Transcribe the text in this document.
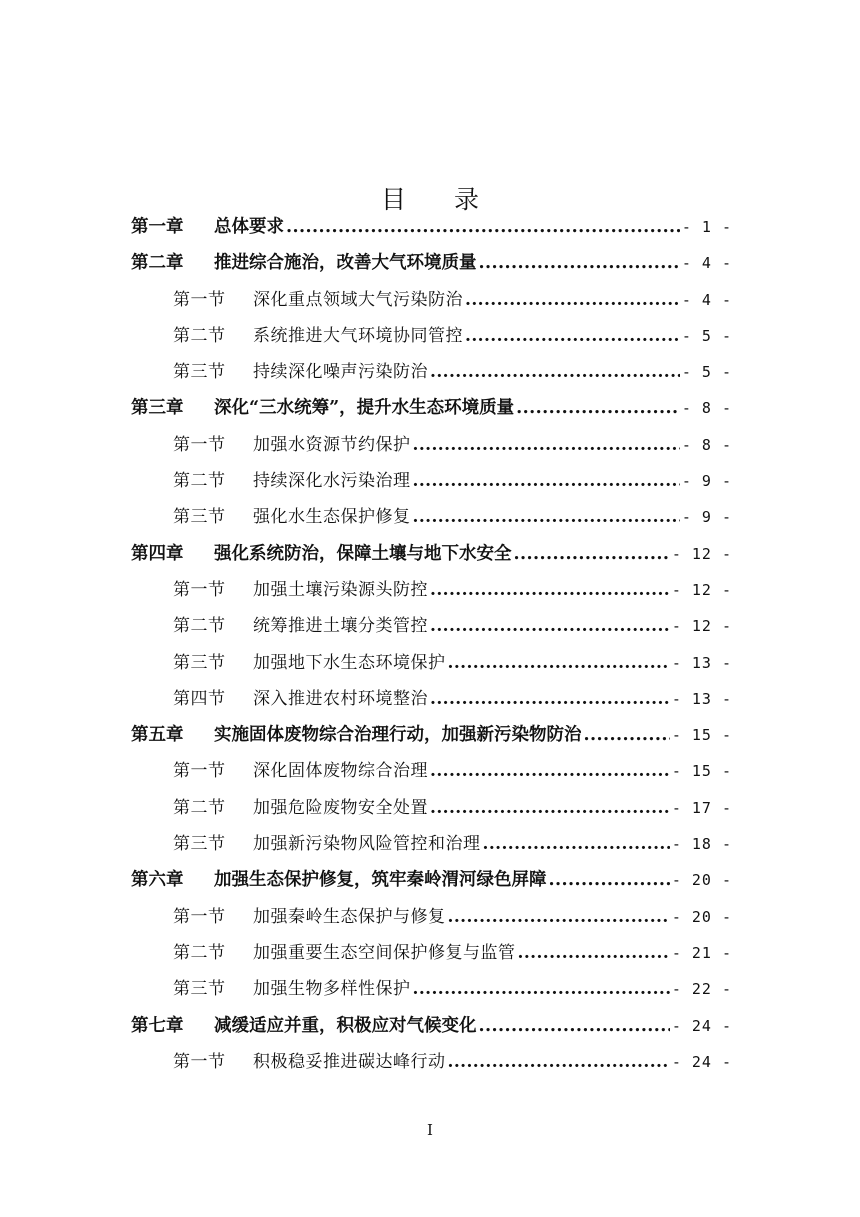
目 录
第一章	总体要求 .....	- 1 -
第二章	推进综合施治，改善大气环境质量 .....	- 4 -
第一节	深化重点领域大气污染防治 .....	- 4 -
第二节	系统推进大气环境协同管控 .....	- 5 -
第三节	持续深化噪声污染防治 .....	- 5 -
第三章	深化“三水统筹”，提升水生态环境质量 .....	- 8 -
第一节	加强水资源节约保护 .....	- 8 -
第二节	持续深化水污染治理 .....	- 9 -
第三节	强化水生态保护修复 .....	- 9 -
第四章	强化系统防治，保障土壤与地下水安全 .....	- 12 -
第一节	加强土壤污染源头防控 .....	- 12 -
第二节	统筹推进土壤分类管控 .....	- 12 -
第三节	加强地下水生态环境保护 .....	- 13 -
第四节	深入推进农村环境整治 .....	- 13 -
第五章	实施固体废物综合治理行动，加强新污染物防治 .....	- 15 -
第一节	深化固体废物综合治理 .....	- 15 -
第二节	加强危险废物安全处置 .....	- 17 -
第三节	加强新污染物风险管控和治理 .....	- 18 -
第六章	加强生态保护修复，筑牢秦岭渭河绿色屏障 .....	- 20 -
第一节	加强秦岭生态保护与修复 .....	- 20 -
第二节	加强重要生态空间保护修复与监管 .....	- 21 -
第三节	加强生物多样性保护 .....	- 22 -
第七章	减缓适应并重，积极应对气候变化 .....	- 24 -
第一节	积极稳妥推进碳达峰行动 .....	- 24 -
I
